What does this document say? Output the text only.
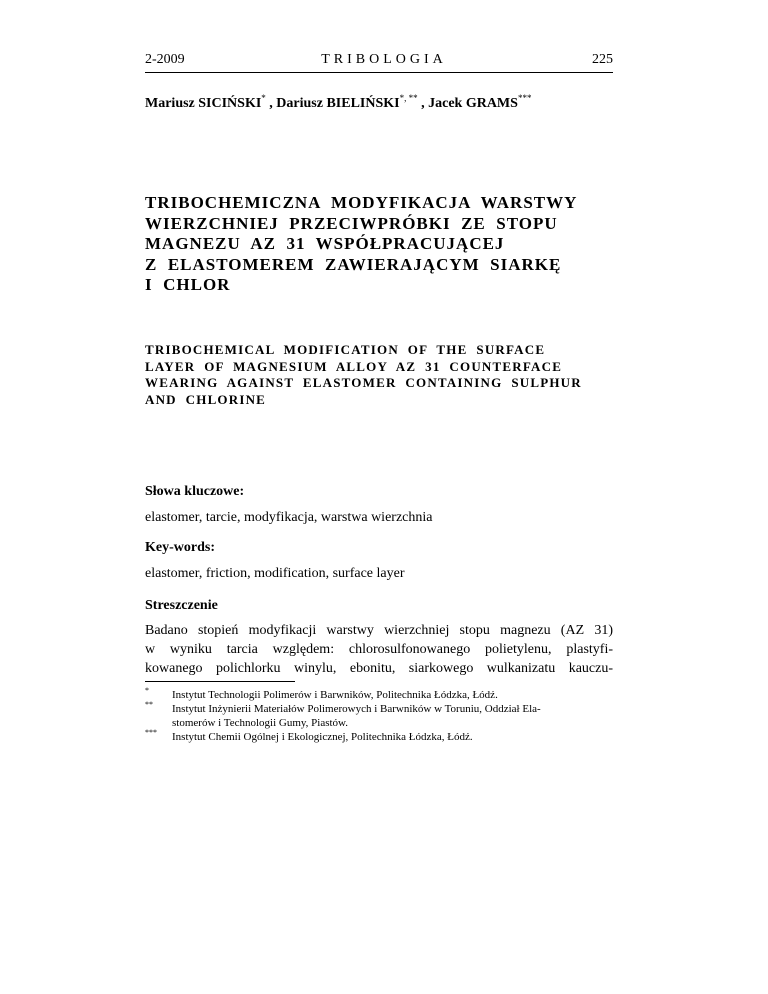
2-2009	TRIBOLOGIA	225
Mariusz SICIŃSKI* , Dariusz BIELIŃSKI*, ** , Jacek GRAMS***
TRIBOCHEMICZNA  MODYFIKACJA  WARSTWY
WIERZCHNIEJ  PRZECIWPRÓBKI  ZE  STOPU
MAGNEZU  AZ  31  WSPÓŁPRACUJĄCEJ
Z  ELASTOMEREM  ZAWIERAJĄCYM  SIARKĘ
I  CHLOR
TRIBOCHEMICAL  MODIFICATION  OF  THE  SURFACE
LAYER  OF  MAGNESIUM  ALLOY  AZ  31  COUNTERFACE
WEARING  AGAINST  ELASTOMER  CONTAINING  SULPHUR
AND  CHLORINE
Słowa kluczowe:
elastomer, tarcie, modyfikacja, warstwa wierzchnia
Key-words:
elastomer, friction, modification, surface layer
Streszczenie
Badano stopień modyfikacji warstwy wierzchniej stopu magnezu (AZ 31)
w wyniku tarcia względem: chlorosulfonowanego polietylenu, plastyfi-
kowanego polichlorku winylu, ebonitu, siarkowego wulkanizatu kauczu-
* Instytut Technologii Polimerów i Barwników, Politechnika Łódzka, Łódź.
** Instytut Inżynierii Materiałów Polimerowych i Barwników w Toruniu, Oddział Ela-
stomerów i Technologii Gumy, Piastów.
*** Instytut Chemii Ogólnej i Ekologicznej, Politechnika Łódzka, Łódź.
